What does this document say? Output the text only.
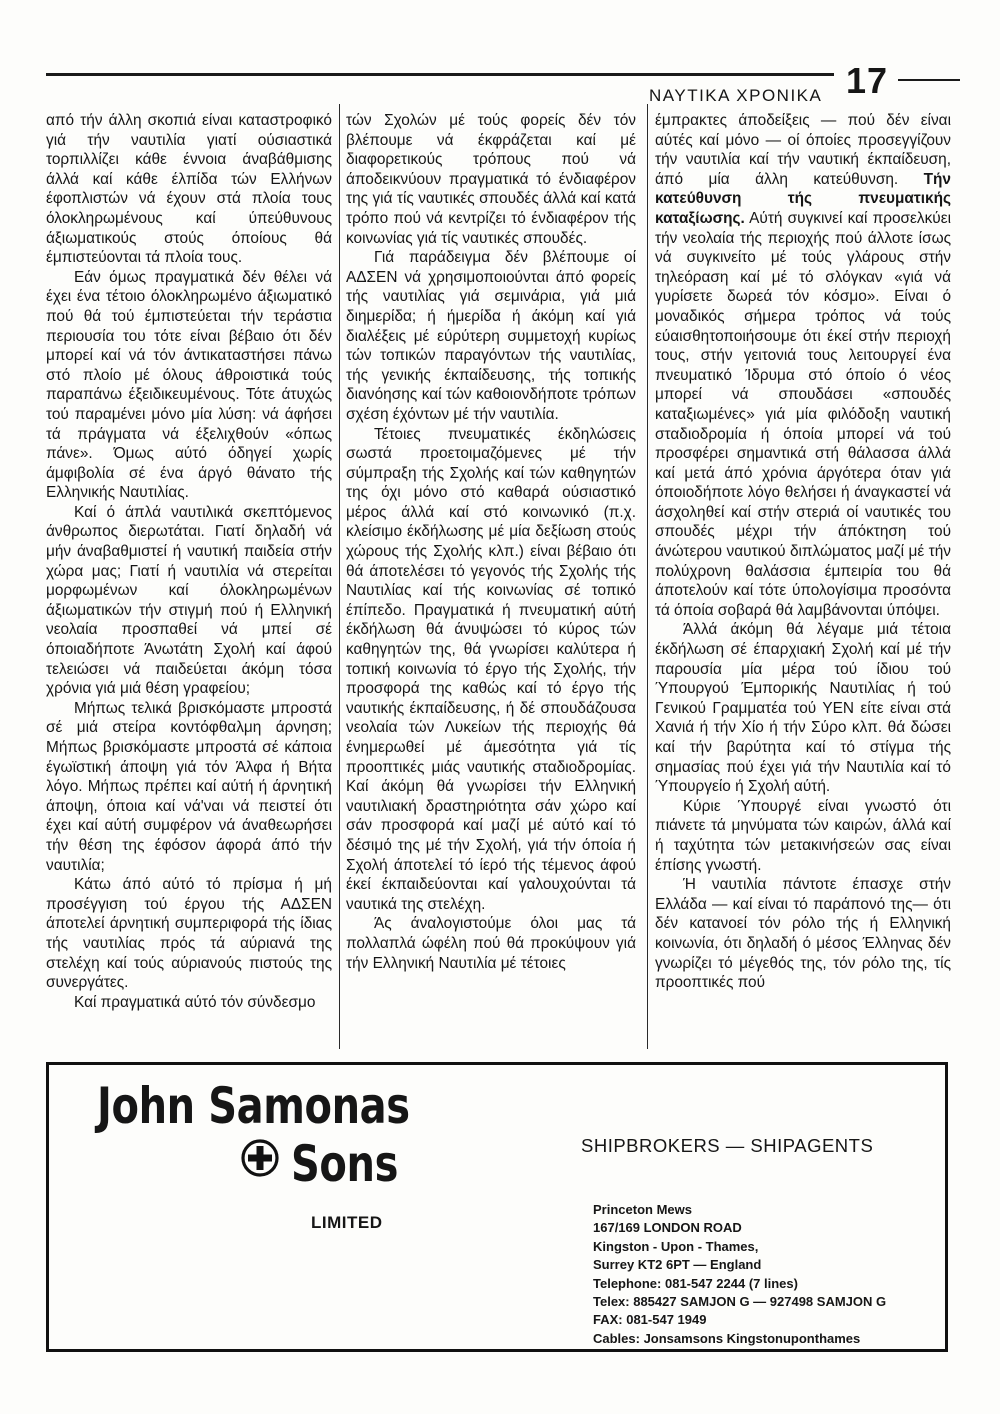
17
ΝΑΥΤΙΚΑ ΧΡΟΝΙΚΑ

από τήν άλλη σκοπιά είναι καταστροφικό γιά τήν ναυτιλία γιατί ούσιαστικά τορπιλλίζει κάθε έννοια άναβάθμισης άλλά καί κάθε έλπίδα τών Ελλήνων έφοπλιστών νά έχουν στά πλοία τους όλοκληρωμένους καί ύπεύθυνους άξιωματικούς στούς όποίους θά έμπιστεύονται τά πλοία τους.

Εάν όμως πραγματικά δέν θέλει νά έχει ένα τέτοιο όλοκληρωμένο άξιωματικό πού θά τού έμπιστεύεται τήν τεράστια περιουσία του τότε είναι βέβαιο ότι δέν μπορεί καί νά τόν άντικαταστήσει πάνω στό πλοίο μέ όλους άθροιστικά τούς παραπάνω έξειδικευμένους. Τότε άτυχώς τού παραμένει μόνο μία λύση: νά άφήσει τά πράγματα νά έξελιχθούν «όπως πάνε». Όμως αύτό όδηγεί χωρίς άμφιβολία σέ ένα άργό θάνατο τής Ελληνικής Ναυτιλίας.

Καί ό άπλά ναυτιλικά σκεπτόμενος άνθρωπος διερωτάται. Γιατί δηλαδή νά μήν άναβαθμιστεί ή ναυτική παιδεία στήν χώρα μας; Γιατί ή ναυτιλία νά στερείται μορφωμένων καί όλοκληρωμένων άξιωματικών τήν στιγμή πού ή Ελληνική νεολαία προσπαθεί νά μπεί σέ όποιαδήποτε Άνωτάτη Σχολή καί άφού τελειώσει νά παιδεύεται άκόμη τόσα χρόνια γιά μιά θέση γραφείου;

Μήπως τελικά βρισκόμαστε μπροστά σέ μιά στείρα κοντόφθαλμη άρνηση; Μήπως βρισκόμαστε μπροστά σέ κάποια έγωϊστική άποψη γιά τόν Άλφα ή Βήτα λόγο. Μήπως πρέπει καί αύτή ή άρνητική άποψη, όποια καί νά'ναι νά πειστεί ότι έχει καί αύτή συμφέρον νά άναθεωρήσει τήν θέση της έφόσον άφορά άπό τήν ναυτιλία;

Κάτω άπό αύτό τό πρίσμα ή μή προσέγγιση τού έργου τής ΑΔΣΕΝ άποτελεί άρνητική συμπεριφορά τής ίδιας τής ναυτιλίας πρός τά αύριανά της στελέχη καί τούς αύριανούς πιστούς της συνεργάτες.

Καί πραγματικά αύτό τόν σύνδεσμο

τών Σχολών μέ τούς φορείς δέν τόν βλέπουμε νά έκφράζεται καί μέ διαφορετικούς τρόπους πού νά άποδεικνύουν πραγματικά τό ένδιαφέρον της γιά τίς ναυτικές σπουδές άλλά καί κατά τρόπο πού νά κεντρίζει τό ένδιαφέρον τής κοινωνίας γιά τίς ναυτικές σπουδές.

Γιά παράδειγμα δέν βλέπουμε οί ΑΔΣΕΝ νά χρησιμοποιούνται άπό φορείς τής ναυτιλίας γιά σεμινάρια, γιά μιά διημερίδα; ή ήμερίδα ή άκόμη καί γιά διαλέξεις μέ εύρύτερη συμμετοχή κυρίως τών τοπικών παραγόντων τής ναυτιλίας, τής γενικής έκπαίδευσης, τής τοπικής διανόησης καί τών καθοιονδήποτε τρόπων σχέση έχόντων μέ τήν ναυτιλία.

Τέτοιες πνευματικές έκδηλώσεις σωστά προετοιμαζόμενες μέ τήν σύμπραξη τής Σχολής καί τών καθηγητών της όχι μόνο στό καθαρά ούσιαστικό μέρος άλλά καί στό κοινωνικό (π.χ. κλείσιμο έκδήλωσης μέ μία δεξίωση στούς χώρους τής Σχολής κλπ.) είναι βέβαιο ότι θά άποτελέσει τό γεγονός τής Σχολής τής Ναυτιλίας καί τής κοινωνίας σέ τοπικό έπίπεδο. Πραγματικά ή πνευματική αύτή έκδήλωση θά άνυψώσει τό κύρος τών καθηγητών της, θά γνωρίσει καλύτερα ή τοπική κοινωνία τό έργο τής Σχολής, τήν προσφορά της καθώς καί τό έργο τής ναυτικής έκπαίδευσης, ή δέ σπουδάζουσα νεολαία τών Λυκείων τής περιοχής θά ένημερωθεί μέ άμεσότητα γιά τίς προοπτικές μιάς ναυτικής σταδιοδρομίας. Καί άκόμη θά γνωρίσει τήν Ελληνική ναυτιλιακή δραστηριότητα σάν χώρο καί σάν προσφορά καί μαζί μέ αύτό καί τό δέσιμό της μέ τήν Σχολή, γιά τήν όποία ή Σχολή άποτελεί τό ίερό τής τέμενος άφού έκεί έκπαιδεύονται καί γαλουχούνται τά ναυτικά της στελέχη.

Άς άναλογιστούμε όλοι μας τά πολλαπλά ώφέλη πού θά προκύψουν γιά τήν Ελληνική Ναυτιλία μέ τέτοιες

έμπρακτες άποδείξεις — πού δέν είναι αύτές καί μόνο — οί όποίες προσεγγίζουν τήν ναυτιλία καί τήν ναυτική έκπαίδευση, άπό μία άλλη κατεύθυνση. Τήν κατεύθυνση τής πνευματικής καταξίωσης. Αύτή συγκινεί καί προσελκύει τήν νεολαία τής περιοχής πού άλλοτε ίσως νά συγκινείτο μέ τούς γλάρους στήν τηλεόραση καί μέ τό σλόγκαν «γιά νά γυρίσετε δωρεά τόν κόσμο». Είναι ό μοναδικός σήμερα τρόπος νά τούς εύαισθητοποιήσουμε ότι έκεί στήν περιοχή τους, στήν γειτονιά τους λειτουργεί ένα πνευματικό Ίδρυμα στό όποίο ό νέος μπορεί νά σπουδάσει «σπουδές καταξιωμένες» γιά μία φιλόδοξη ναυτική σταδιοδρομία ή όποία μπορεί νά τού προσφέρει σημαντικά στή θάλασσα άλλά καί μετά άπό χρόνια άργότερα όταν γιά όποιοδήποτε λόγο θελήσει ή άναγκαστεί νά άσχοληθεί καί στήν στεριά οί ναυτικές του σπουδές μέχρι τήν άπόκτηση τού άνώτερου ναυτικού διπλώματος μαζί μέ τήν πολύχρονη θαλάσσια έμπειρία του θά άποτελούν καί τότε ύπολογίσιμα προσόντα τά όποία σοβαρά θά λαμβάνονται ύπόψει.

Άλλά άκόμη θά λέγαμε μιά τέτοια έκδήλωση σέ έπαρχιακή Σχολή καί μέ τήν παρουσία μία μέρα τού ίδιου τού Ύπουργού Έμπορικής Ναυτιλίας ή τού Γενικού Γραμματέα τού ΥΕΝ είτε είναι στά Χανιά ή τήν Χίο ή τήν Σύρο κλπ. θά δώσει καί τήν βαρύτητα καί τό στίγμα τής σημασίας πού έχει γιά τήν Ναυτιλία καί τό Ύπουργείο ή Σχολή αύτή.

Κύριε Ύπουργέ είναι γνωστό ότι πιάνετε τά μηνύματα τών καιρών, άλλά καί ή ταχύτητα τών μετακινήσεών σας είναι έπίσης γνωστή.

Ή ναυτιλία πάντοτε έπασχε στήν Ελλάδα — καί είναι τό παράπονό της— ότι δέν κατανοεί τόν ρόλο τής ή Ελληνική κοινωνία, ότι δηλαδή ό μέσος Έλληνας δέν γνωρίζει τό μέγεθός της, τόν ρόλο της, τίς προοπτικές πού

John Samonas
Sons
LIMITED
SHIPBROKERS — SHIPAGENTS
Princeton Mews
167/169 LONDON ROAD
Kingston - Upon - Thames,
Surrey KT2 6PT — England
Telephone: 081-547 2244 (7 lines)
Telex: 885427 SAMJON G — 927498 SAMJON G
FAX: 081-547 1949
Cables: Jonsamsons Kingstonuponthames
